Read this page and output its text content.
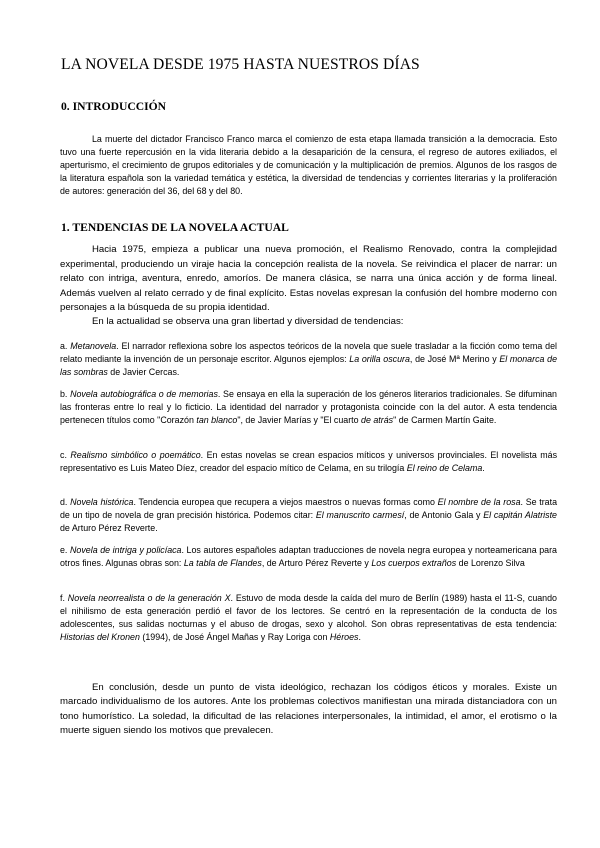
LA NOVELA DESDE 1975 HASTA NUESTROS DÍAS
0. INTRODUCCIÓN

La muerte del dictador Francisco Franco marca el comienzo de esta etapa llamada transición a la democracia. Esto tuvo una fuerte repercusión en la vida literaria debido a la desaparición de la censura, el regreso de autores exiliados, el aperturismo, el crecimiento de grupos editoriales y de comunicación y la multiplicación de premios. Algunos de los rasgos de la literatura española son la variedad temática y estética, la diversidad de tendencias y corrientes literarias y la proliferación de autores: generación del 36, del 68 y del 80.

1. TENDENCIAS DE LA NOVELA ACTUAL

Hacia 1975, empieza a publicar una nueva promoción, el Realismo Renovado, contra la complejidad experimental, produciendo un viraje hacia la concepción realista de la novela. Se reivindica el placer de narrar: un relato con intriga, aventura, enredo, amoríos. De manera clásica, se narra una única acción y de forma lineal. Además vuelven al relato cerrado y de final explícito. Estas novelas expresan la confusión del hombre moderno con personajes a la búsqueda de su propia identidad.

En la actualidad se observa una gran libertad y diversidad de tendencias:

a. Metanovela. El narrador reflexiona sobre los aspectos teóricos de la novela que suele trasladar a la ficción como tema del relato mediante la invención de un personaje escritor. Algunos ejemplos: La orilla oscura, de José Mª Merino y El monarca de las sombras de Javier Cercas.

b. Novela autobiográfica o de memorias. Se ensaya en ella la superación de los géneros literarios tradicionales. Se difuminan las fronteras entre lo real y lo ficticio. La identidad del narrador y protagonista coincide con la del autor. A esta tendencia pertenecen títulos como "Corazón tan blanco", de Javier Marías y "El cuarto de atrás" de Carmen Martín Gaite.

c. Realismo simbólico o poemático. En estas novelas se crean espacios míticos y universos provinciales. El novelista más representativo es Luis Mateo Díez, creador del espacio mítico de Celama, en su trilogía El reino de Celama.

d. Novela histórica. Tendencia europea que recupera a viejos maestros o nuevas formas como El nombre de la rosa. Se trata de un tipo de novela de gran precisión histórica. Podemos citar: El manuscrito carmesí, de Antonio Gala y El capitán Alatriste de Arturo Pérez Reverte.

e. Novela de intriga y policíaca. Los autores españoles adaptan traducciones de novela negra europea y norteamericana para otros fines. Algunas obras son: La tabla de Flandes, de Arturo Pérez Reverte y Los cuerpos extraños de Lorenzo Silva

f. Novela neorrealista o de la generación X. Estuvo de moda desde la caída del muro de Berlín (1989) hasta el 11-S, cuando el nihilismo de esta generación perdió el favor de los lectores. Se centró en la representación de la conducta de los adolescentes, sus salidas nocturnas y el abuso de drogas, sexo y alcohol. Son obras representativas de esta tendencia: Historias del Kronen (1994), de José Ángel Mañas y Ray Loriga con Héroes.

En conclusión, desde un punto de vista ideológico, rechazan los códigos éticos y morales. Existe un marcado individualismo de los autores. Ante los problemas colectivos manifiestan una mirada distanciadora con un tono humorístico. La soledad, la dificultad de las relaciones interpersonales, la intimidad, el amor, el erotismo o la muerte siguen siendo los motivos que prevalecen.
